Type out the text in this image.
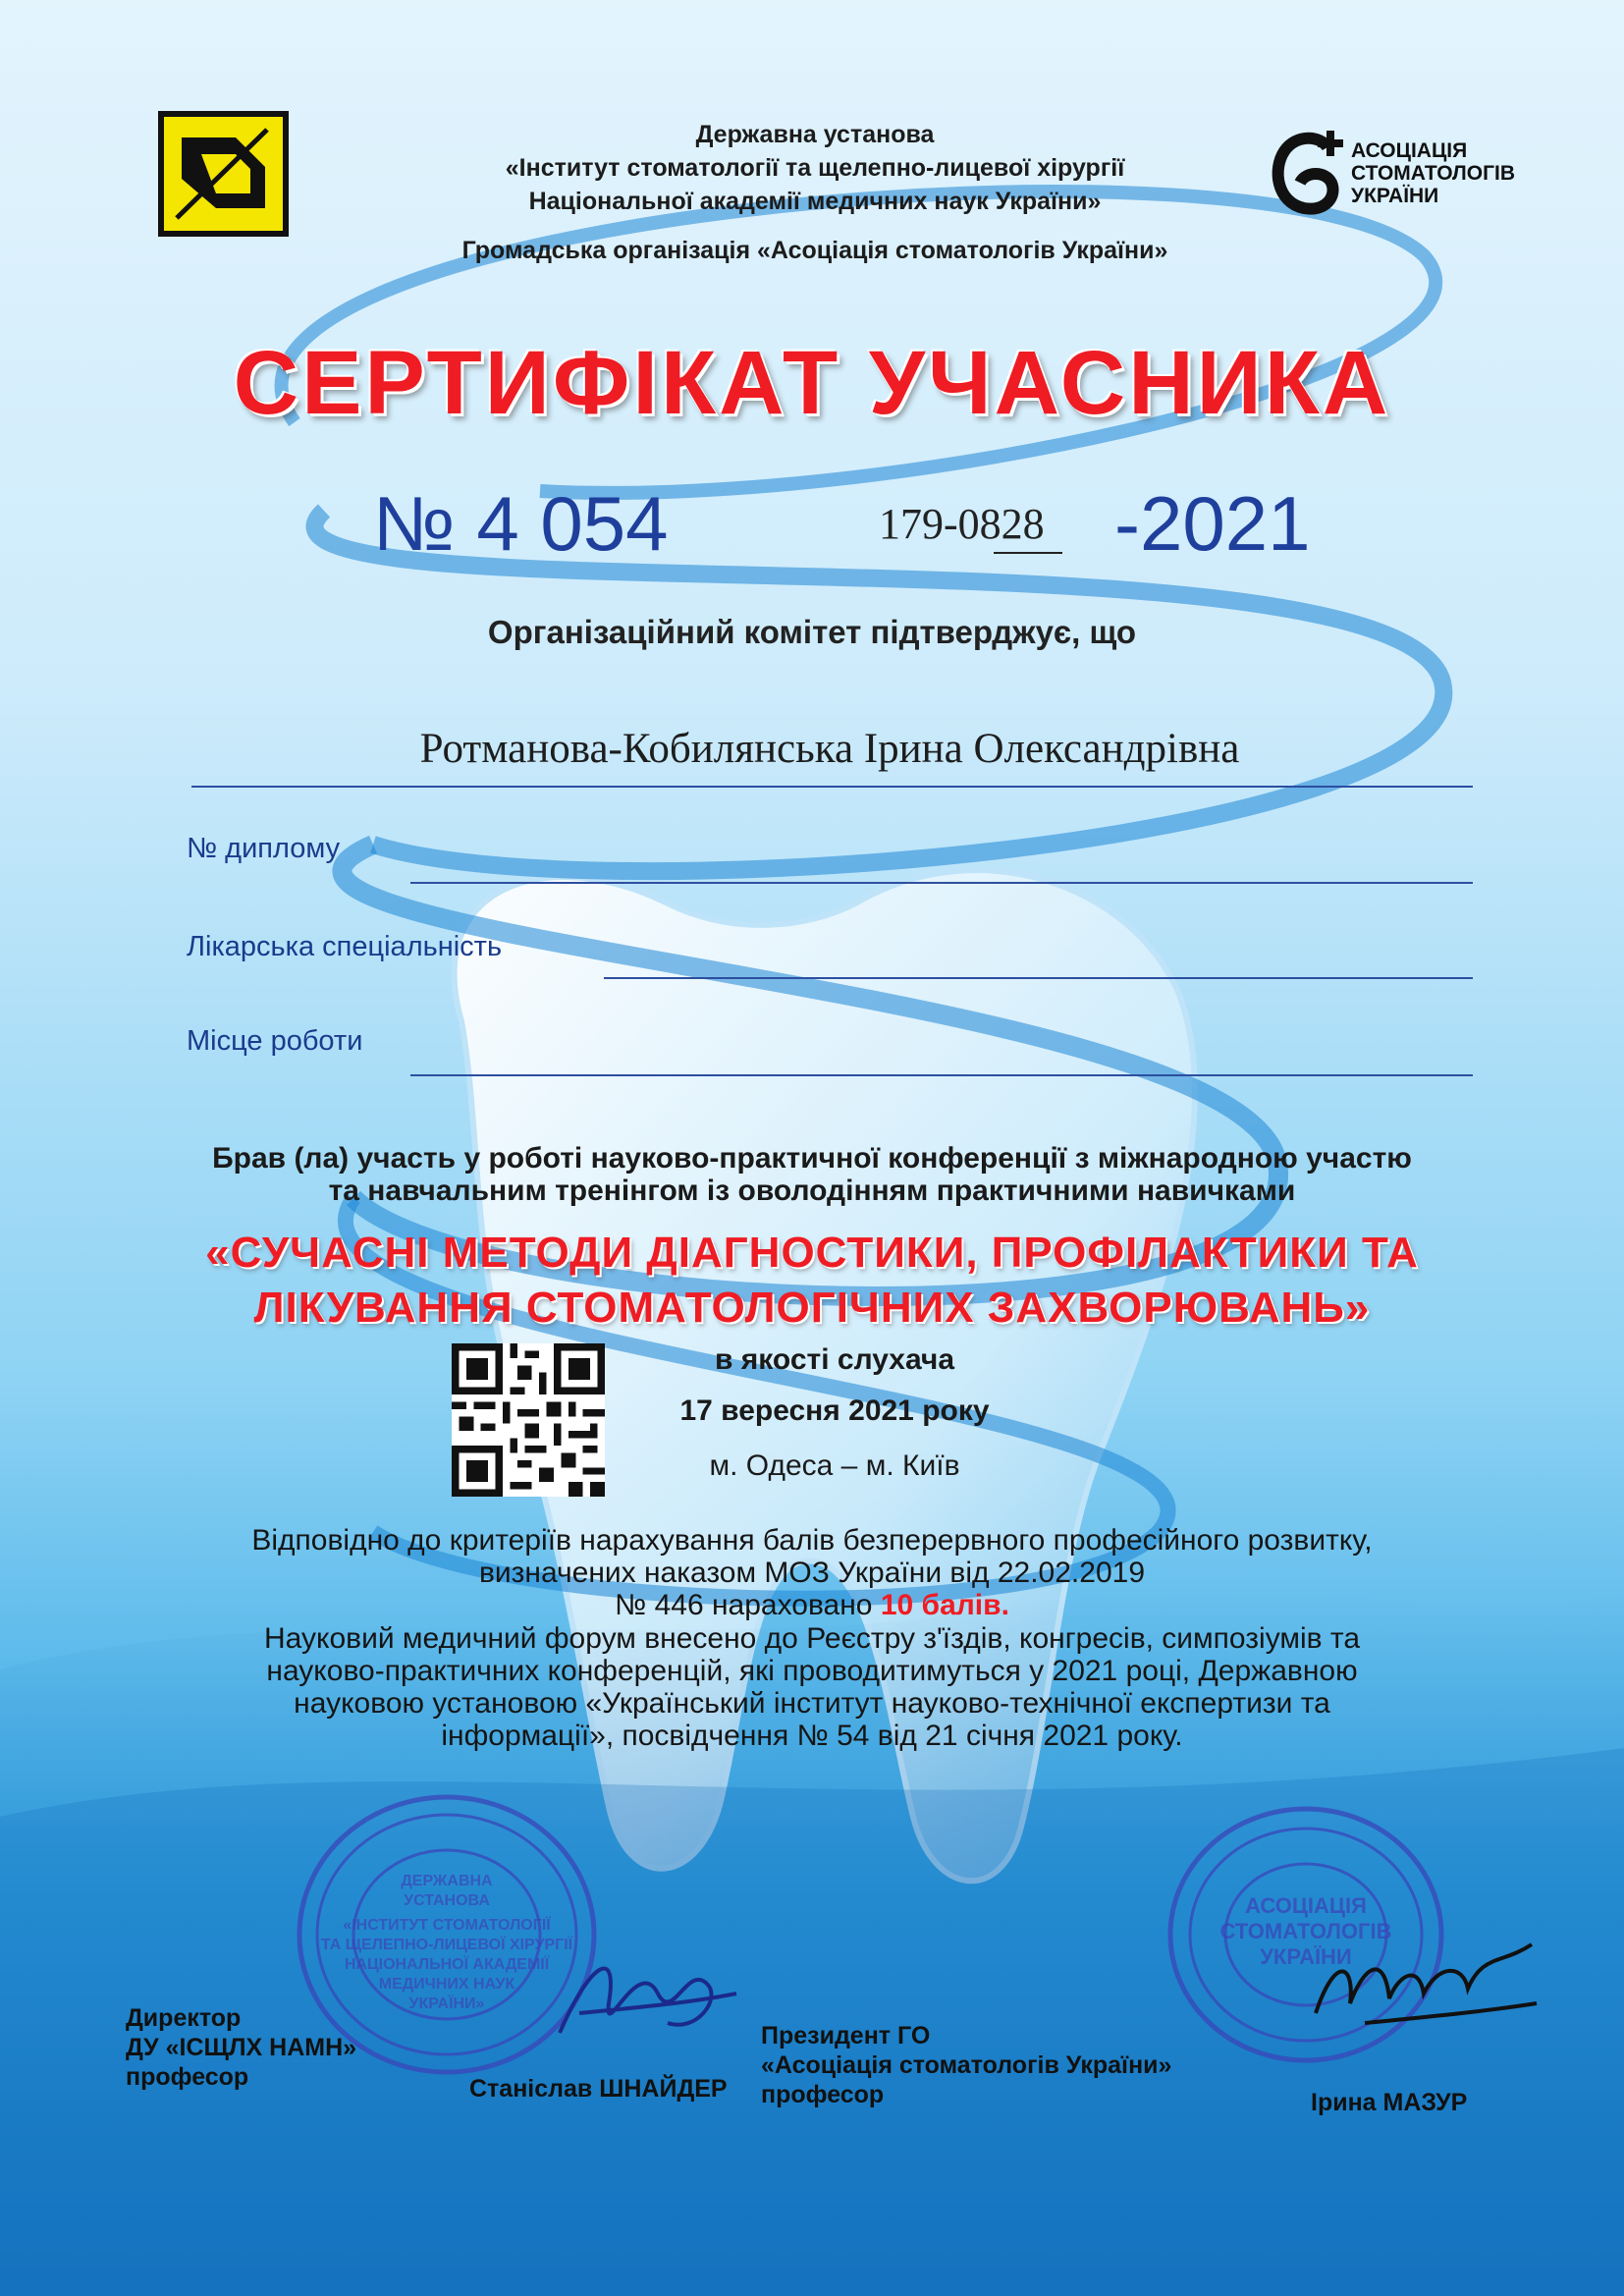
Державна установа
«Інститут стоматології та щелепно-лицевої хірургії
Національної академії медичних наук України»
Громадська організація «Асоціація стоматологів України»
АСОЦІАЦІЯ
СТОМАТОЛОГІВ
УКРАЇНИ
СЕРТИФІКАТ УЧАСНИКА
№ 4 054	179-0828 -2021
Організаційний комітет підтверджує, що
Ротманова-Кобилянська Ірина Олександрівна
№ диплому
Лікарська спеціальність
Місце роботи
Брав (ла) участь у роботі науково-практичної конференції з міжнародною участю
та навчальним тренінгом із оволодінням практичними навичками
«СУЧАСНІ МЕТОДИ ДІАГНОСТИКИ, ПРОФІЛАКТИКИ ТА
ЛІКУВАННЯ СТОМАТОЛОГІЧНИХ ЗАХВОРЮВАНЬ»
в якості слухача
17 вересня 2021 року
м. Одеса – м. Київ
Відповідно до критеріїв нарахування балів безперервного професійного розвитку,
визначених наказом МОЗ України від 22.02.2019
№ 446 нараховано 10 балів.
Науковий медичний форум внесено до Реєстру з'їздів, конгресів, симпозіумів та
науково-практичних конференцій, які проводитимуться у 2021 році, Державною
науковою установою «Український інститут науково-технічної експертизи та
інформації», посвідчення № 54 від 21 січня 2021 року.
ДЕРЖАВНА
УСТАНОВА
«ІНСТИТУТ СТОМАТОЛОГІЇ
ТА ЩЕЛЕПНО-ЛИЦЕВОЇ ХІРУРГІЇ
НАЦІОНАЛЬНОЇ АКАДЕМІЇ
МЕДИЧНИХ НАУК
УКРАЇНИ»
АСОЦІАЦІЯ
СТОМАТОЛОГІВ
УКРАЇНИ
Директор
ДУ «ІСЩЛХ НАМН»
професор	Станіслав ШНАЙДЕР
Президент ГО
«Асоціація стоматологів України»
професор	Ірина МАЗУР
